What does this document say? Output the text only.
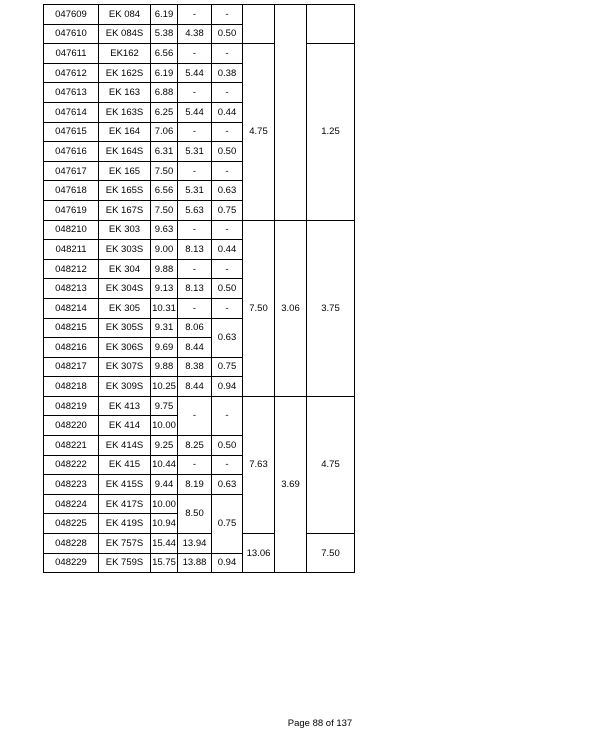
047609	EK 084	6.19	-	-			
047610	EK 084S	5.38	4.38	0.50			
047611	EK162	6.56	-	-	4.75		1.25
047612	EK 162S	6.19	5.44	0.38			
047613	EK 163	6.88	-	-			
047614	EK 163S	6.25	5.44	0.44			
047615	EK 164	7.06	-	-			
047616	EK 164S	6.31	5.31	0.50			
047617	EK 165	7.50	-	-			
047618	EK 165S	6.56	5.31	0.63			
047619	EK 167S	7.50	5.63	0.75			
048210	EK 303	9.63	-	-	7.50	3.06	3.75
048211	EK 303S	9.00	8.13	0.44			
048212	EK 304	9.88	-	-			
048213	EK 304S	9.13	8.13	0.50			
048214	EK 305	10.31	-	-			
048215	EK 305S	9.31	8.06	0.63			
048216	EK 306S	9.69	8.44				
048217	EK 307S	9.88	8.38	0.75			
048218	EK 309S	10.25	8.44	0.94			
048219	EK 413	9.75	-	-	7.63	3.69	4.75
048220	EK 414	10.00					
048221	EK 414S	9.25	8.25	0.50			
048222	EK 415	10.44	-	-			
048223	EK 415S	9.44	8.19	0.63			
048224	EK 417S	10.00	8.50	0.75			
048225	EK 419S	10.94					
048228	EK 757S	15.44	13.94		13.06		7.50
048229	EK 759S	15.75	13.88	0.94			
Page 88 of 137
